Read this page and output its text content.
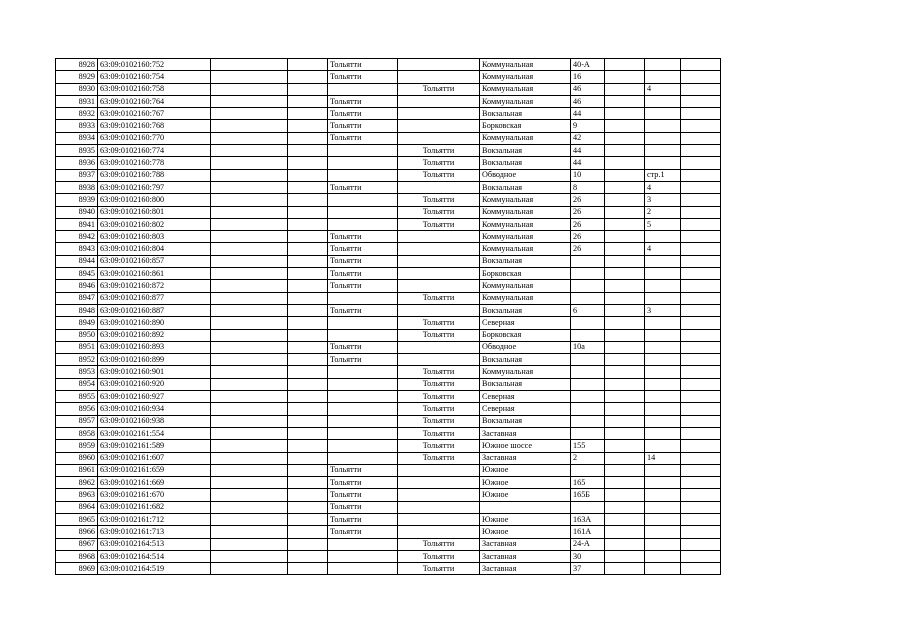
8928	63:09:0102160:752			Тольятти		Коммунальная	40-А			
8929	63:09:0102160:754			Тольятти		Коммунальная	16			
8930	63:09:0102160:758				Тольятти	Коммунальная	46		4	
8931	63:09:0102160:764			Тольятти		Коммунальная	46			
8932	63:09:0102160:767			Тольятти		Вокзальная	44			
8933	63:09:0102160:768			Тольятти		Борковская	9			
8934	63:09:0102160:770			Тольятти		Коммунальная	42			
8935	63:09:0102160:774				Тольятти	Вокзальная	44			
8936	63:09:0102160:778				Тольятти	Вокзальная	44			
8937	63:09:0102160:788				Тольятти	Обводное	10		стр.1	
8938	63:09:0102160:797			Тольятти		Вокзальная	8		4	
8939	63:09:0102160:800				Тольятти	Коммунальная	26		3	
8940	63:09:0102160:801				Тольятти	Коммунальная	26		2	
8941	63:09:0102160:802				Тольятти	Коммунальная	26		5	
8942	63:09:0102160:803			Тольятти		Коммунальная	26			
8943	63:09:0102160:804			Тольятти		Коммунальная	26		4	
8944	63:09:0102160:857			Тольятти		Вокзальная				
8945	63:09:0102160:861			Тольятти		Борковская				
8946	63:09:0102160:872			Тольятти		Коммунальная				
8947	63:09:0102160:877				Тольятти	Коммунальная				
8948	63:09:0102160:887			Тольятти		Вокзальная	6		3	
8949	63:09:0102160:890				Тольятти	Северная				
8950	63:09:0102160:892				Тольятти	Борковская				
8951	63:09:0102160:893			Тольятти		Обводное	10а			
8952	63:09:0102160:899			Тольятти		Вокзальная				
8953	63:09:0102160:901				Тольятти	Коммунальная				
8954	63:09:0102160:920				Тольятти	Вокзальная				
8955	63:09:0102160:927				Тольятти	Северная				
8956	63:09:0102160:934				Тольятти	Северная				
8957	63:09:0102160:938				Тольятти	Вокзальная				
8958	63:09:0102161:554				Тольятти	Заставная				
8959	63:09:0102161:589				Тольятти	Южное шоссе	155			
8960	63:09:0102161:607				Тольятти	Заставная	2		14	
8961	63:09:0102161:659			Тольятти		Южное				
8962	63:09:0102161:669			Тольятти		Южное	165			
8963	63:09:0102161:670			Тольятти		Южное	165Б			
8964	63:09:0102161:682			Тольятти						
8965	63:09:0102161:712			Тольятти		Южное	163А			
8966	63:09:0102161:713			Тольятти		Южное	161А			
8967	63:09:0102164:513				Тольятти	Заставная	24-А			
8968	63:09:0102164:514				Тольятти	Заставная	30			
8969	63:09:0102164:519				Тольятти	Заставная	37			
